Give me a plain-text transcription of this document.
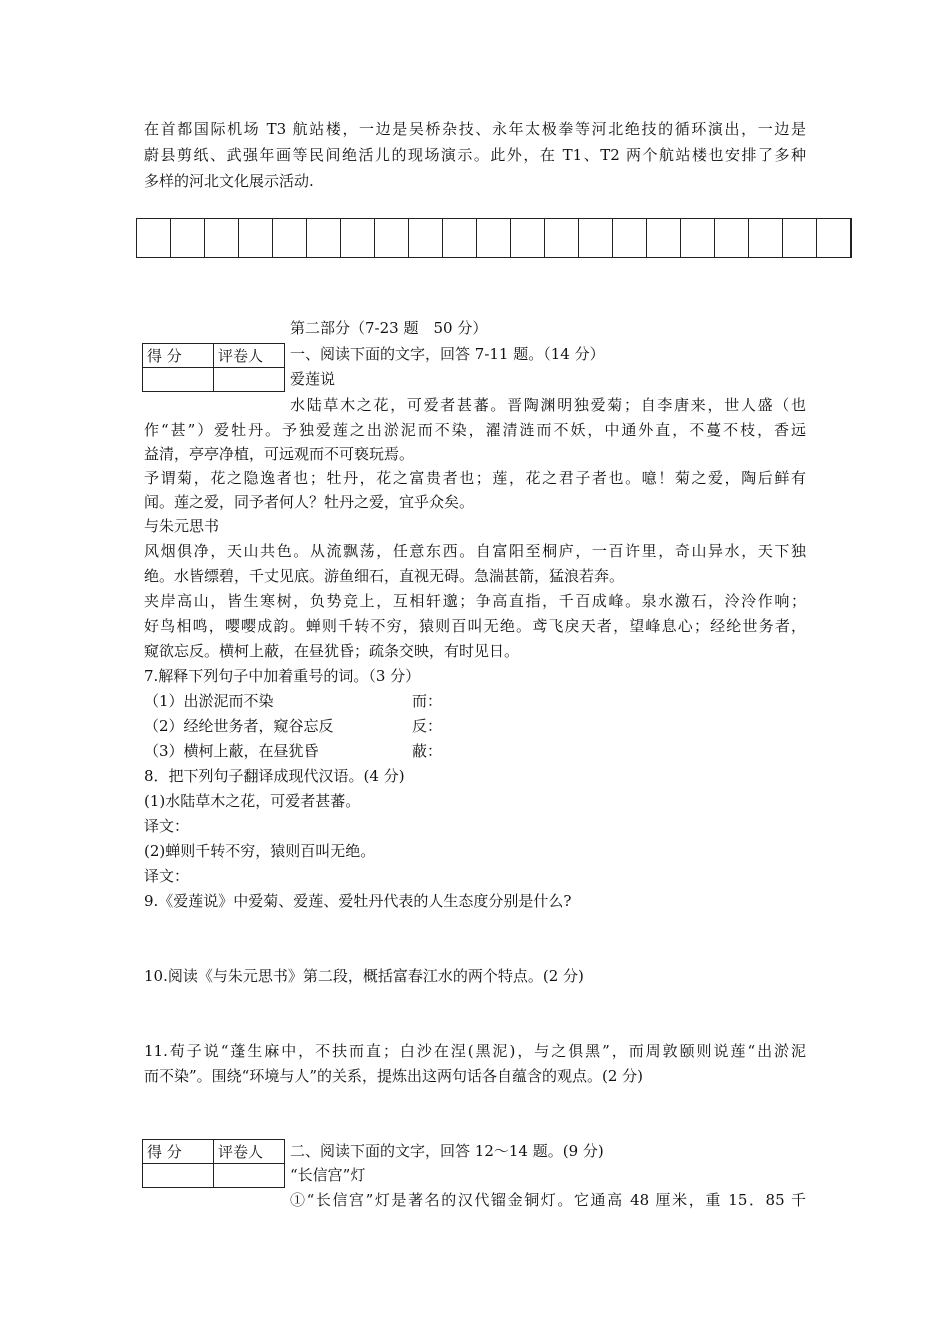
在首都国际机场 T3 航站楼，一边是吴桥杂技、永年太极拳等河北绝技的循环演出，一边是
蔚县剪纸、武强年画等民间绝活儿的现场演示。此外，在 T1、T2 两个航站楼也安排了多种
多样的河北文化展示活动.

第二部分（7-23 题　50 分）
得 分	评卷人
	一、阅读下面的文字，回答 7-11 题。（14 分）
爱莲说
水陆草木之花，可爱者甚蕃。晋陶渊明独爱菊；自李唐来，世人盛（也
作“甚”）爱牡丹。予独爱莲之出淤泥而不染，濯清涟而不妖，中通外直，不蔓不枝，香远
益清，亭亭净植，可远观而不可亵玩焉。
予谓菊，花之隐逸者也；牡丹，花之富贵者也；莲，花之君子者也。噫！菊之爱，陶后鲜有
闻。莲之爱，同予者何人？牡丹之爱，宜乎众矣。
与朱元思书
风烟俱净，天山共色。从流飘荡，任意东西。自富阳至桐庐，一百许里，奇山异水，天下独
绝。水皆缥碧，千丈见底。游鱼细石，直视无碍。急湍甚箭，猛浪若奔。
夹岸高山，皆生寒树，负势竞上，互相轩邈；争高直指，千百成峰。泉水激石，泠泠作响；
好鸟相鸣，嘤嘤成韵。蝉则千转不穷，猿则百叫无绝。鸢飞戾天者，望峰息心；经纶世务者，
窥欲忘反。横柯上蔽，在昼犹昏；疏条交映，有时见日。
7.解释下列句子中加着重号的词。（3 分）
（1）出淤泥而不染	而：
（2）经纶世务者，窥谷忘反	反：
（3）横柯上蔽，在昼犹昏	蔽：
8．把下列句子翻译成现代汉语。(4 分)
(1)水陆草木之花，可爱者甚蕃。
译文：
(2)蝉则千转不穷，猿则百叫无绝。
译文：
9.《爱莲说》中爱菊、爱莲、爱牡丹代表的人生态度分别是什么?
10.阅读《与朱元思书》第二段，概括富春江水的两个特点。(2 分)
11.荀子说“蓬生麻中，不扶而直；白沙在涅(黑泥)，与之俱黑”，而周敦颐则说莲“出淤泥
而不染”。围绕“环境与人”的关系，提炼出这两句话各自蕴含的观点。(2 分)
得 分	评卷人
	二、阅读下面的文字，回答 12～14 题。(9 分)
“长信宫”灯
①“长信宫”灯是著名的汉代镏金铜灯。它通高 48 厘米，重 15．85 千
